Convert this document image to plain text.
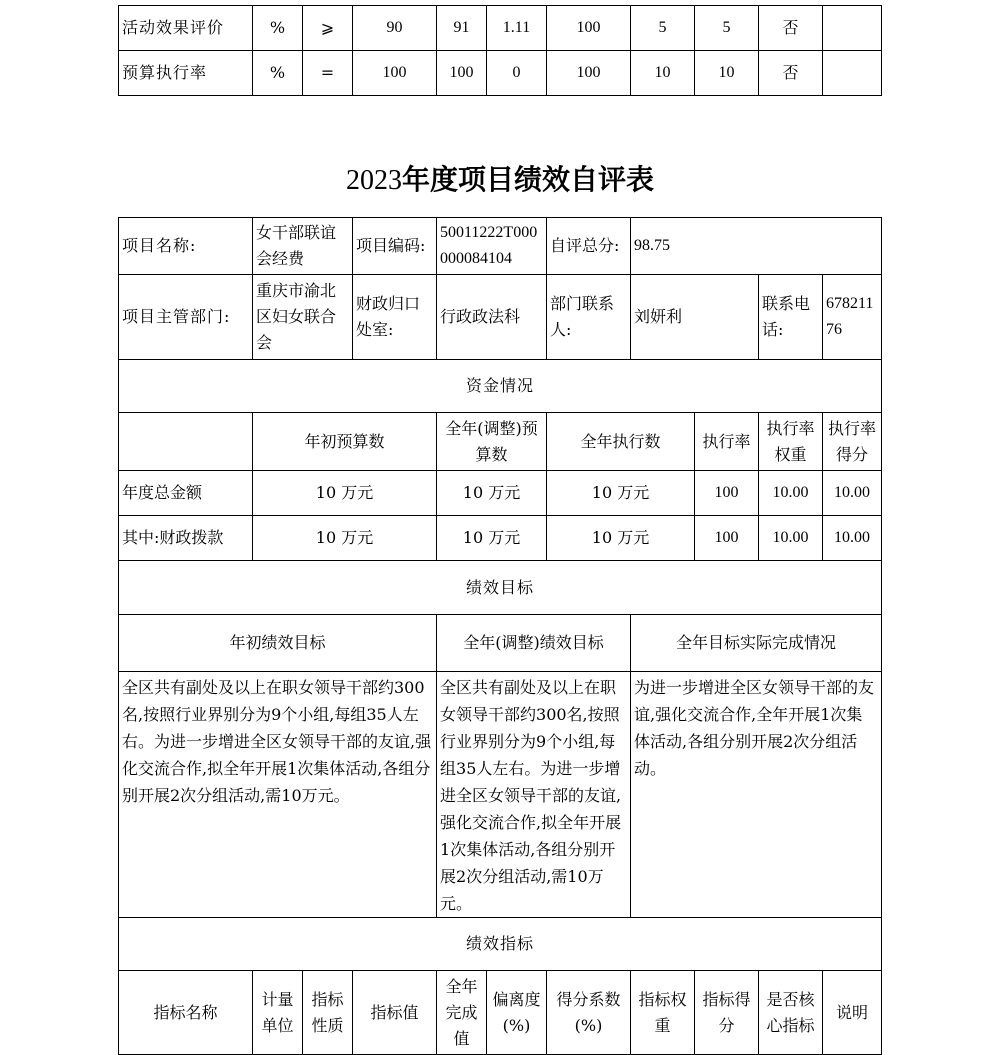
活动效果评价	%	⩾	90	91	1.11	100	5	5	否	
预算执行率	%	=	100	100	0	100	10	10	否	
2023年度项目绩效自评表
项目名称:	女干部联谊会经费		项目编码:	50011222T000000084104		自评总分:	98.75			
项目主管部门:	重庆市渝北区妇女联合会		财政归口处室:	行政政法科		部门联系人:	刘妍利		联系电话:	67821176
资金情况										
	年初预算数			全年(调整)预算数		全年执行数		执行率	执行率权重	执行率得分
年度总金额	10 万元			10 万元		10 万元		100	10.00	10.00
其中:财政拨款	10 万元			10 万元		10 万元		100	10.00	10.00
绩效目标										
年初绩效目标				全年(调整)绩效目标			全年目标实际完成情况			
全区共有副处及以上在职女领导干部约300名,按照行业界别分为9个小组,每组35人左右。为进一步增进全区女领导干部的友谊,强化交流合作,拟全年开展1次集体活动,各组分别开展2次分组活动,需10万元。				全区共有副处及以上在职女领导干部约300名,按照行业界别分为9个小组,每组35人左右。为进一步增进全区女领导干部的友谊,强化交流合作,拟全年开展1次集体活动,各组分别开展2次分组活动,需10万元。			为进一步增进全区女领导干部的友谊,强化交流合作,全年开展1次集体活动,各组分别开展2次分组活动。			
绩效指标										
指标名称	计量单位	指标性质	指标值	全年完成值	偏离度(%)	得分系数(%)	指标权重	指标得分	是否核心指标	说明
